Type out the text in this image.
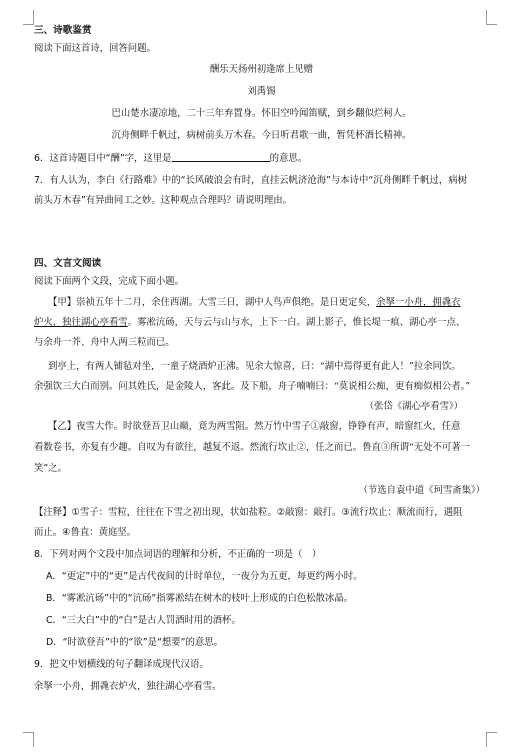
三、诗歌鉴赏
阅读下面这首诗，回答问题。
酬乐天扬州初逢席上见赠
刘禹锡
巴山楚水凄凉地，二十三年弃置身。怀旧空吟闻笛赋，到乡翻似烂柯人。
沉舟侧畔千帆过，病树前头万木春。今日听君歌一曲，暂凭杯酒长精神。
6．这首诗题目中“酬”字，这里是	的意思。
7．有人认为，李白《行路难》中的“长风破浪会有时，直挂云帆济沧海”与本诗中“沉舟侧畔千帆过，病树
前头万木春”有异曲同工之妙。这种观点合理吗？请说明理由。
四、文言文阅读
阅读下面两个文段，完成下面小题。
【甲】崇祯五年十二月，余住西湖。大雪三日，湖中人鸟声俱绝。是日更定矣，余拏一小舟，拥毳衣
炉火，独往湖心亭看雪。雾凇沆砀，天与云与山与水，上下一白。湖上影子，惟长堤一痕、湖心亭一点、
与余舟一芥、舟中人两三粒而已。
到亭上，有两人铺毡对坐，一童子烧酒炉正沸。见余大惊喜，曰：“湖中焉得更有此人！”拉余同饮。
余强饮三大白而别。问其姓氏，是金陵人，客此。及下船，舟子喃喃曰：“莫说相公痴，更有痴似相公者。”
（张岱《湖心亭看雪》）
【乙】夜雪大作。时欲登吾卫山巅，竟为两雪阻。然万竹中雪子①敲窗，铮铮有声，暗窗红火，任意
看数卷书，亦复有少趣。自叹为有欲往，越复不返。然流行坎止②，任之而已。鲁直③所谓“无处不可著一
笑”之。
（节选自袁中道《珂雪斋集》）
【注释】①雪子：雪粒，往往在下雪之初出现，状如盐粒。②敲窗：敲打。③流行坎止：顺流而行，遇阻
而止。④鲁直：黄庭坚。
8．下列对两个文段中加点词语的理解和分析，不正确的一项是（　）
A．“更定”中的“更”是古代夜间的计时单位，一夜分为五更，每更约两小时。
B．“雾凇沆砀”中的“沆砀”指雾凇结在树木的枝叶上形成的白色松散冰晶。
C．“三大白”中的“白”是古人罚酒时用的酒杯。
D．“时欲登吾”中的“欲”是“想要”的意思。
9．把文中划横线的句子翻译成现代汉语。
余拏一小舟，拥毳衣炉火，独往湖心亭看雪。
